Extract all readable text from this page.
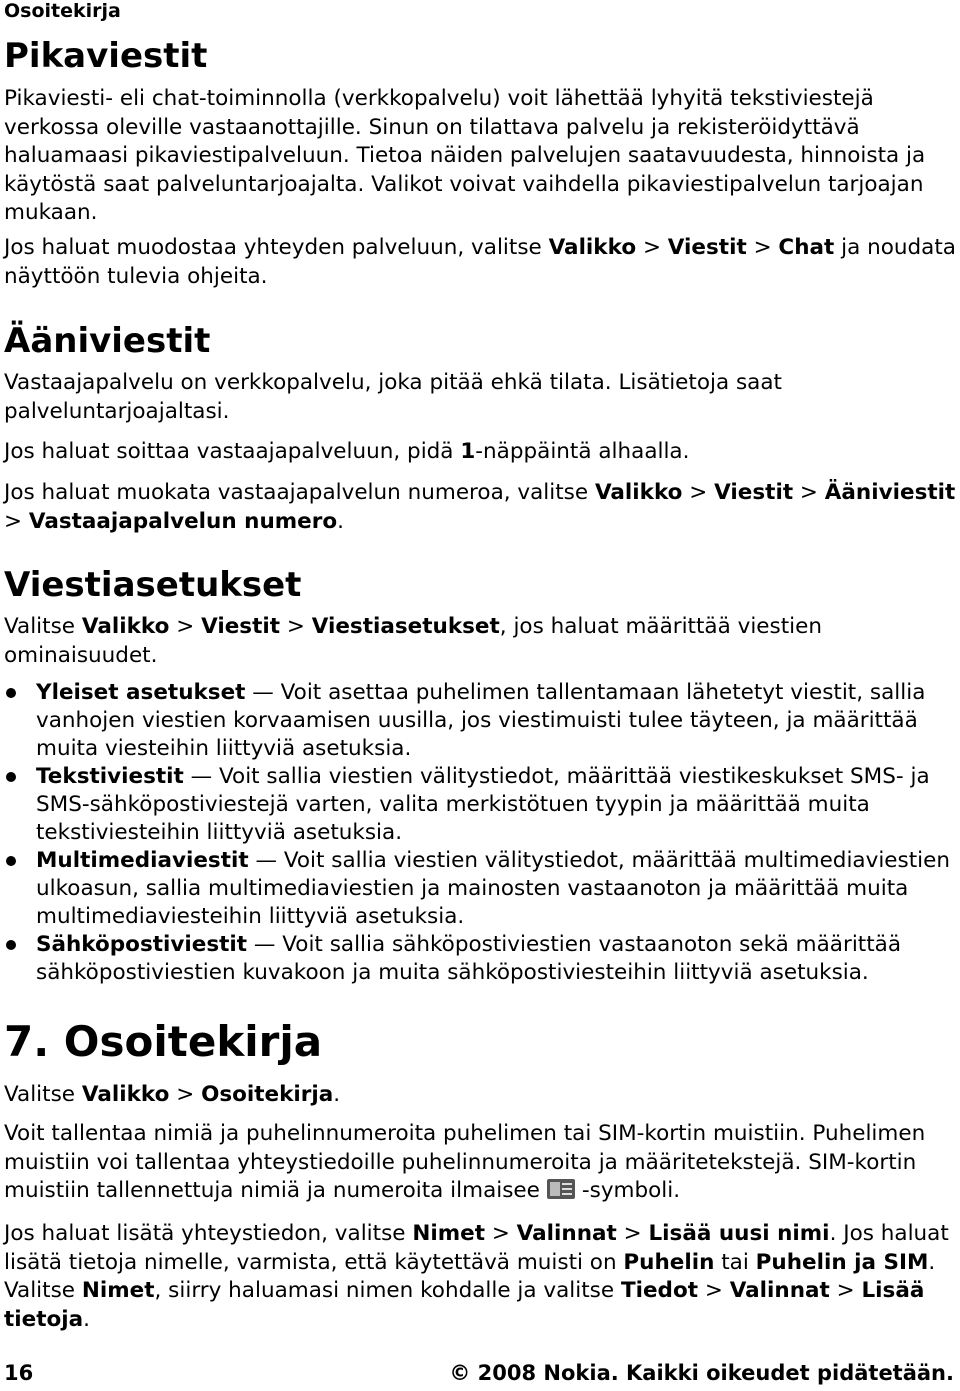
Osoitekirja
Pikaviestit

Pikaviesti- eli chat-toiminnolla (verkkopalvelu) voit lähettää lyhyitä tekstiviestejä verkossa oleville vastaanottajille. Sinun on tilattava palvelu ja rekisteröidyttävä haluamaasi pikaviestipalveluun. Tietoa näiden palvelujen saatavuudesta, hinnoista ja käytöstä saat palveluntarjoajalta. Valikot voivat vaihdella pikaviestipalvelun tarjoajan mukaan.

Jos haluat muodostaa yhteyden palveluun, valitse Valikko > Viestit > Chat ja noudata näyttöön tulevia ohjeita.

Ääniviestit

Vastaajapalvelu on verkkopalvelu, joka pitää ehkä tilata. Lisätietoja saat palveluntarjoajaltasi.

Jos haluat soittaa vastaajapalveluun, pidä 1-näppäintä alhaalla.

Jos haluat muokata vastaajapalvelun numeroa, valitse Valikko > Viestit > Ääniviestit > Vastaajapalvelun numero.

Viestiasetukset

Valitse Valikko > Viestit > Viestiasetukset, jos haluat määrittää viestien ominaisuudet.

Yleiset asetukset — Voit asettaa puhelimen tallentamaan lähetetyt viestit, sallia vanhojen viestien korvaamisen uusilla, jos viestimuisti tulee täyteen, ja määrittää muita viesteihin liittyviä asetuksia.
Tekstiviestit — Voit sallia viestien välitystiedot, määrittää viestikeskukset SMS- ja SMS-sähköpostiviestejä varten, valita merkistötuen tyypin ja määrittää muita tekstiviesteihin liittyviä asetuksia.
Multimediaviestit — Voit sallia viestien välitystiedot, määrittää multimediaviestien ulkoasun, sallia multimediaviestien ja mainosten vastaanoton ja määrittää muita multimediaviesteihin liittyviä asetuksia.
Sähköpostiviestit — Voit sallia sähköpostiviestien vastaanoton sekä määrittää sähköpostiviestien kuvakoon ja muita sähköpostiviesteihin liittyviä asetuksia.
7. Osoitekirja

Valitse Valikko > Osoitekirja.

Voit tallentaa nimiä ja puhelinnumeroita puhelimen tai SIM-kortin muistiin. Puhelimen muistiin voi tallentaa yhteystiedoille puhelinnumeroita ja määritetekstejä. SIM-kortin muistiin tallennettuja nimiä ja numeroita ilmaisee -symboli.

Jos haluat lisätä yhteystiedon, valitse Nimet > Valinnat > Lisää uusi nimi. Jos haluat lisätä tietoja nimelle, varmista, että käytettävä muisti on Puhelin tai Puhelin ja SIM. Valitse Nimet, siirry haluamasi nimen kohdalle ja valitse Tiedot > Valinnat > Lisää tietoja.

16	© 2008 Nokia. Kaikki oikeudet pidätetään.
